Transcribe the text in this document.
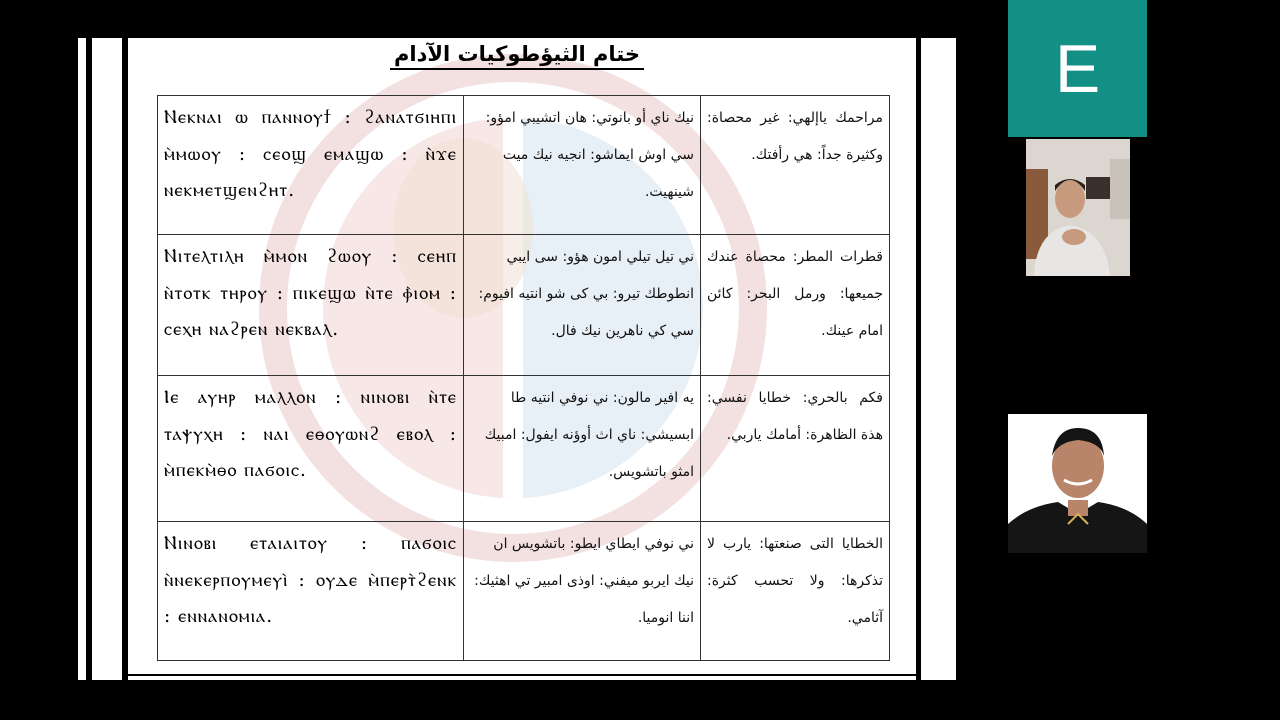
ختام الثيؤطوكيات الآدام
Ⲛⲉⲕⲛⲁⲓ ⲱ ⲡⲁⲛⲛⲟⲩϯ : ϩⲁⲛⲁⲧϭⲓⲏⲡⲓ ⲙ̀ⲙⲱⲟⲩ : ⲥⲉⲟϣ ⲉⲙⲁϣⲱ : ⲛ̀ϫⲉ ⲛⲉⲕⲙⲉⲧϣⲉⲛϩⲏⲧ.	نيك ناي أو بانوتي: هان اتشيبي امؤو: سي اوش ايماشو: انجيه نيك ميت شينهيت.	مراحمك ياإلهي: غير محصاة: وكثيرة جداً: هي رأفتك.
Ⲛⲓⲧⲉⲗⲧⲓⲗⲏ ⲙ̀ⲙⲟⲛ ϩⲱⲟⲩ : ⲥⲉⲏⲡ ⲛ̀ⲧⲟⲧⲕ ⲧⲏⲣⲟⲩ : ⲡⲓⲕⲉϣⲱ ⲛ̀ⲧⲉ ⲫ̀ⲓⲟⲙ : ⲥⲉⲭⲏ ⲛⲁϩⲣⲉⲛ ⲛⲉⲕⲃⲁⲗ.	ني تيل تيلي امون هؤو: سى ايبي انطوطك تيرو: بي كى شو انتيه افيوم: سي كي ناهرين نيك فال.	قطرات المطر: محصاة عندك جميعها: ورمل البحر: كائن امام عينك.
Ⲓⲉ ⲁⲩⲏⲣ ⲙⲁⲗⲗⲟⲛ : ⲛⲓⲛⲟⲃⲓ ⲛ̀ⲧⲉ ⲧⲁⲯⲩⲭⲏ : ⲛⲁⲓ ⲉⲑⲟⲩⲱⲛϩ ⲉⲃⲟⲗ : ⲙ̀ⲡⲉⲕⲙ̀ⲑⲟ ⲡⲁϭⲟⲓⲥ.	يه افير مالون: ني نوفي انتيه طا ابسيشي: ناي اث أوؤنه ايفول: امبيك امثو باتشويس.	فكم بالحري: خطايا نفسي: هذة الظاهرة: أمامك ياربي.
Ⲛⲓⲛⲟⲃⲓ ⲉⲧⲁⲓⲁⲓⲧⲟⲩ : ⲡⲁϭⲟⲓⲥ ⲛ̀ⲛⲉⲕⲉⲣⲡⲟⲩⲙⲉⲩⲓ̀ : ⲟⲩⲇⲉ ⲙ̀ⲡⲉⲣⲧ̀ϩⲉⲛⲕ : ⲉⲛⲛⲁⲛⲟⲙⲓⲁ.	ني نوفي ايطاي ايطو: باتشويس ان نيك ايربو ميفني: اوذى امبير تي اهثيك: اننا انوميا.	الخطايا التى صنعتها: يارب لا تذكرها: ولا تحسب كثرة: آثامي.
E
